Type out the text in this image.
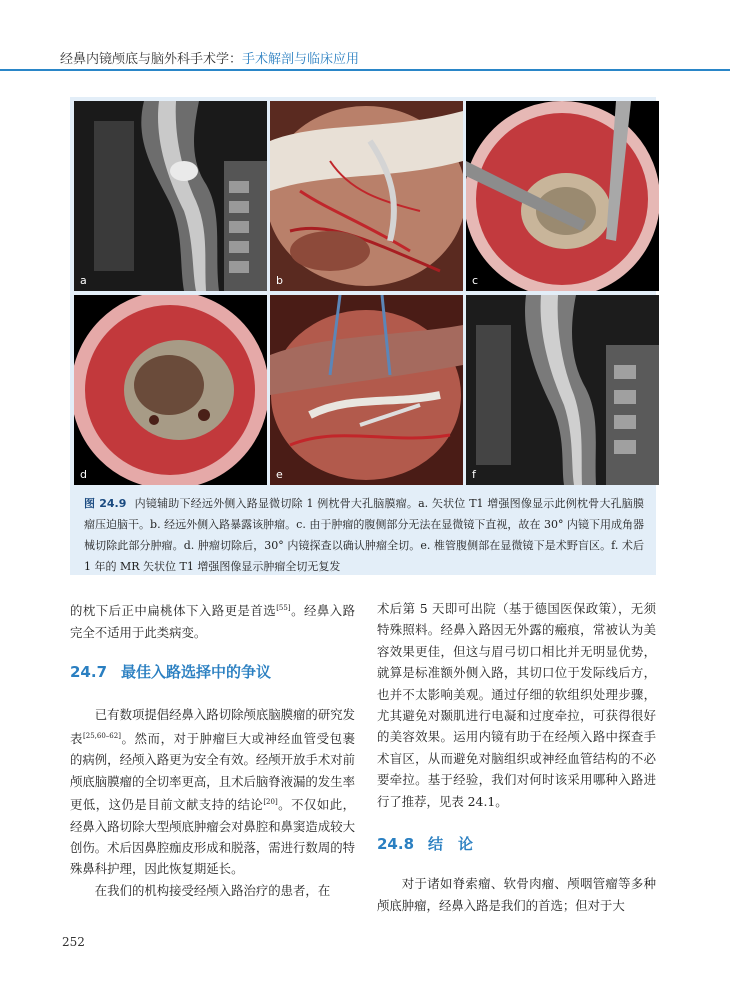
经鼻内镜颅底与脑外科手术学：手术解剖与临床应用
a	b	c
d	e	f
图 24.9 内镜辅助下经远外侧入路显微切除 1 例枕骨大孔脑膜瘤。a. 矢状位 T1 增强图像显示此例枕骨大孔脑膜瘤压迫脑干。b. 经远外侧入路暴露该肿瘤。c. 由于肿瘤的腹侧部分无法在显微镜下直视，故在 30° 内镜下用成角器械切除此部分肿瘤。d. 肿瘤切除后，30° 内镜探查以确认肿瘤全切。e. 椎管腹侧部在显微镜下是术野盲区。f. 术后 1 年的 MR 矢状位 T1 增强图像显示肿瘤全切无复发

的枕下后正中扁桃体下入路更是首选[55]。经鼻入路完全不适用于此类病变。

24.7 最佳入路选择中的争议

已有数项提倡经鼻入路切除颅底脑膜瘤的研究发表[25,60–62]。然而，对于肿瘤巨大或神经血管受包裹的病例，经颅入路更为安全有效。经颅开放手术对前颅底脑膜瘤的全切率更高，且术后脑脊液漏的发生率更低，这仍是目前文献支持的结论[20]。不仅如此，经鼻入路切除大型颅底肿瘤会对鼻腔和鼻窦造成较大创伤。术后因鼻腔痂皮形成和脱落，需进行数周的特殊鼻科护理，因此恢复期延长。

在我们的机构接受经颅入路治疗的患者，在

术后第 5 天即可出院（基于德国医保政策），无须特殊照料。经鼻入路因无外露的瘢痕，常被认为美容效果更佳，但这与眉弓切口相比并无明显优势，就算是标准额外侧入路，其切口位于发际线后方，也并不太影响美观。通过仔细的软组织处理步骤，尤其避免对颞肌进行电凝和过度牵拉，可获得很好的美容效果。运用内镜有助于在经颅入路中探查手术盲区，从而避免对脑组织或神经血管结构的不必要牵拉。基于经验，我们对何时该采用哪种入路进行了推荐，见表 24.1。

24.8 结　论

对于诸如脊索瘤、软骨肉瘤、颅咽管瘤等多种颅底肿瘤，经鼻入路是我们的首选；但对于大

252
